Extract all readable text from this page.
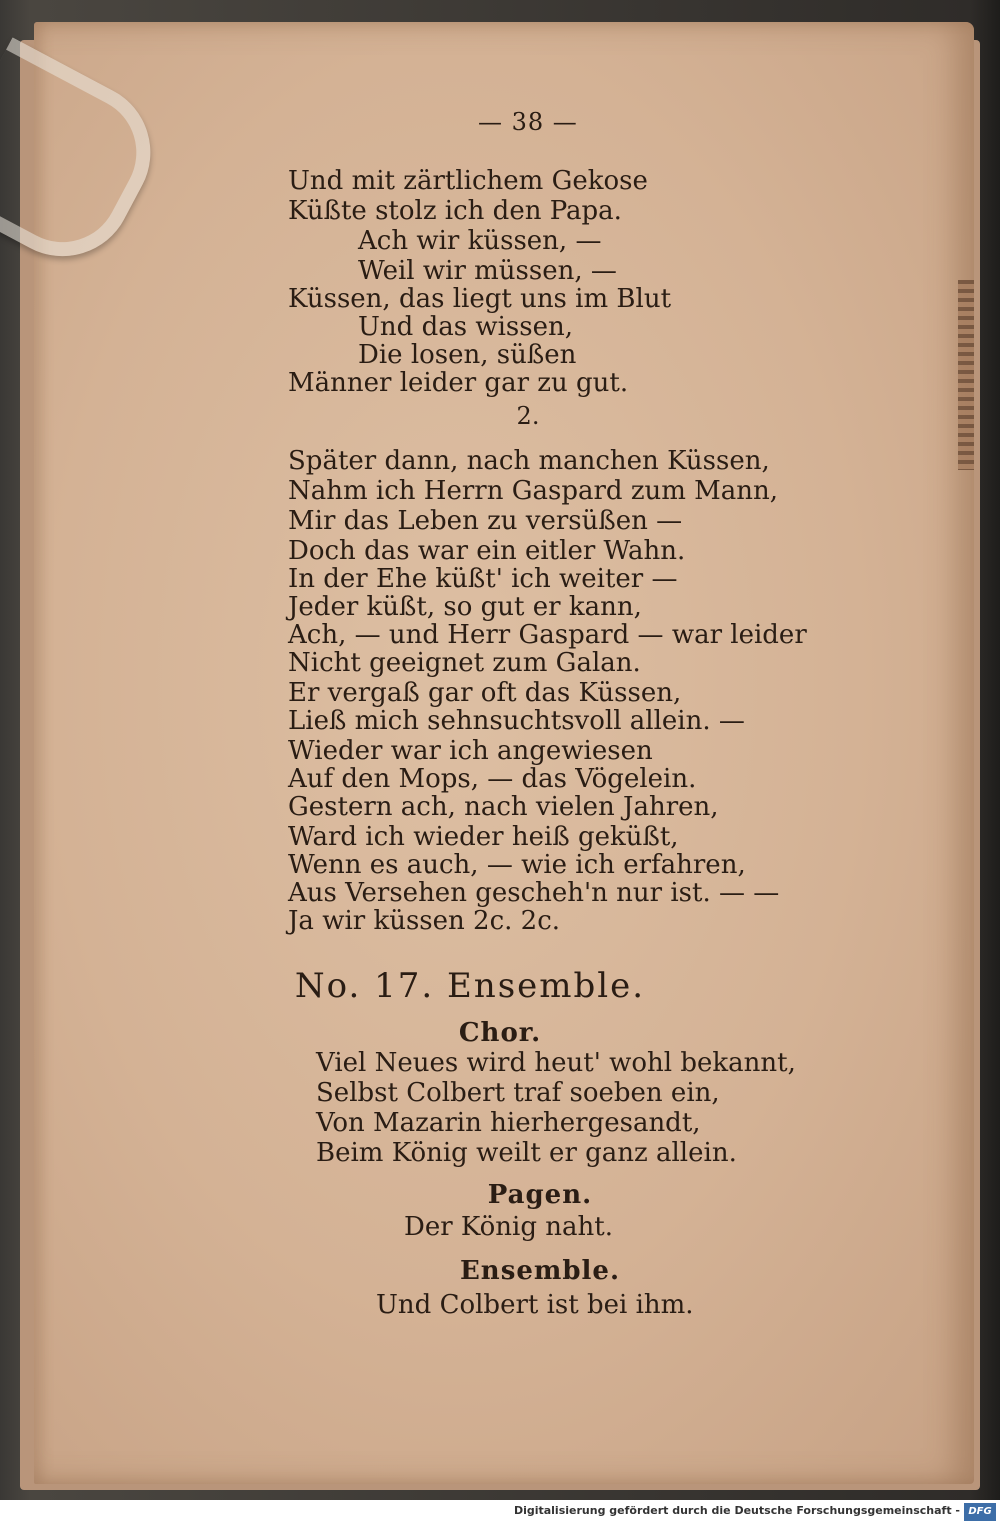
— 38 —
Und mit zärtlichem Gekose
Küßte stolz ich den Papa.
Ach wir küssen, —
Weil wir müssen, —
Küssen, das liegt uns im Blut
Und das wissen,
Die losen, süßen
Männer leider gar zu gut.
2.
Später dann, nach manchen Küssen,
Nahm ich Herrn Gaspard zum Mann,
Mir das Leben zu versüßen —
Doch das war ein eitler Wahn.
In der Ehe küßt' ich weiter —
Jeder küßt, so gut er kann,
Ach, — und Herr Gaspard — war leider
Nicht geeignet zum Galan.
Er vergaß gar oft das Küssen,
Ließ mich sehnsuchtsvoll allein. —
Wieder war ich angewiesen
Auf den Mops, — das Vögelein.
Gestern ach, nach vielen Jahren,
Ward ich wieder heiß geküßt,
Wenn es auch, — wie ich erfahren,
Aus Versehen gescheh'n nur ist. — —
Ja wir küssen 2c. 2c.
No. 17. Ensemble.
Chor.
Viel Neues wird heut' wohl bekannt,
Selbst Colbert traf soeben ein,
Von Mazarin hierhergesandt,
Beim König weilt er ganz allein.
Pagen.
Der König naht.
Ensemble.
Und Colbert ist bei ihm.
Digitalisierung gefördert durch die Deutsche Forschungsgemeinschaft - DFG
